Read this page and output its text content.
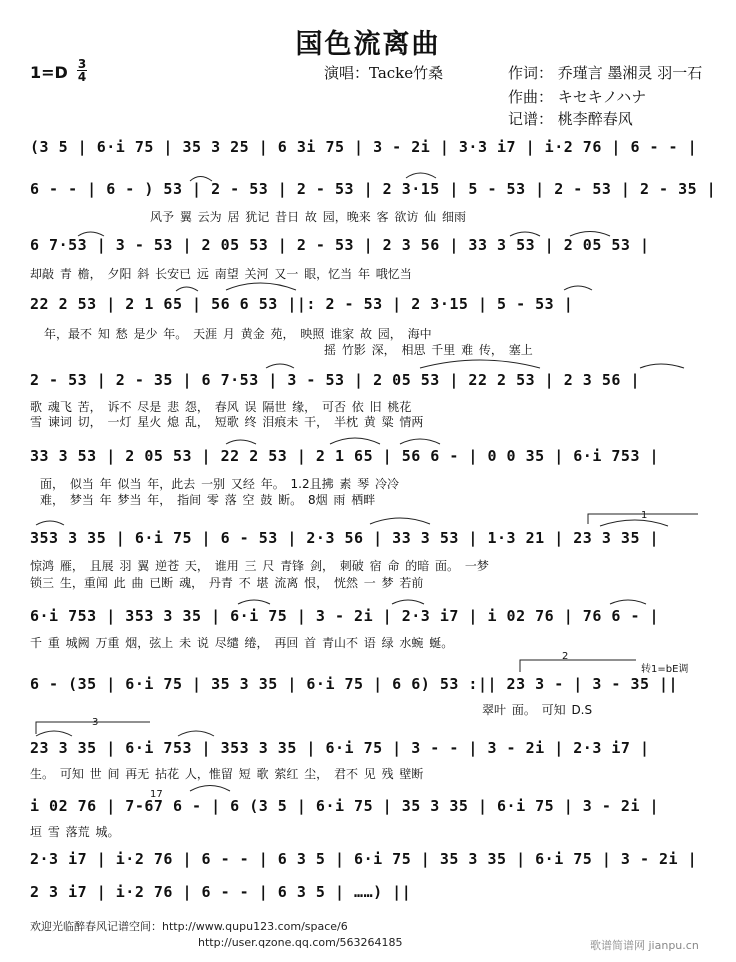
国色流离曲
1=D 3
4	演唱：Tacke竹桑	作词： 乔瑾言 墨湘灵 羽一石
作曲： キセキノハナ
记谱： 桃李醉春风
(3 5 | 6·i 75 | 35 3 25 | 6 3i 75 | 3 - 2i | 3·3 i7 | i·2 76 | 6 - - |
6 - - | 6 - ) 53 | 2 - 53 | 2 - 53 | 2 3·15 | 5 - 53 | 2 - 53 | 2 - 35 |
风予 翼 云为 居 犹记 昔日 故 园，晚来 客 欲访 仙 细雨
6 7·53 | 3 - 53 | 2 05 53 | 2 - 53 | 2 3 56 | 33 3 53 | 2 05 53 |
却敲 青 檐， 夕阳 斜 长安已 远 南望 关河 又一 眼，忆当 年 哦忆当
22 2 53 | 2 1 65 | 56 6 53 ||: 2 - 53 | 2 3·15 | 5 - 53 |
年，最不 知 愁 是少 年。 天涯 月 黄金 苑， 映照 谁家 故 园， 海中
摇 竹影 深， 相思 千里 难 传， 塞上
2 - 53 | 2 - 35 | 6 7·53 | 3 - 53 | 2 05 53 | 22 2 53 | 2 3 56 |
歌 魂飞 苦， 诉不 尽是 悲 怨， 春风 误 隔世 缘， 可否 依 旧 桃花
雪 谏词 切， 一灯 星火 熄 乱， 短歌 终 泪痕未 干， 半枕 黄 粱 情两
33 3 53 | 2 05 53 | 22 2 53 | 2 1 65 | 56 6 - | 0 0 35 | 6·i 753 |
面， 似当 年 似当 年，此去 一别 又经 年。 1.2且拂 素 琴 冷冷
难， 梦当 年 梦当 年， 指间 零 落 空 鼓 断。 8烟 雨 栖畔
353 3 35 | 6·i 75 | 6 - 53 | 2·3 56 | 33 3 53 | 1·3 21 | 23 3 35 |
惊鸿 雁， 且展 羽 翼 逆苍 天， 谁用 三 尺 青锋 剑， 刺破 宿 命 的暗 面。 一梦
锁三 生，重闻 此 曲 已断 魂， 丹青 不 堪 流离 恨， 恍然 一 梦 若前
6·i 753 | 353 3 35 | 6·i 75 | 3 - 2i | 2·3 i7 | i 02 76 | 76 6 - |
千 重 城阙 万重 烟，弦上 未 说 尽缱 绻， 再回 首 青山不 语 绿 水蜿 蜒。
6 - (35 | 6·i 75 | 35 3 35 | 6·i 75 | 6 6) 53 :|| 23 3 - | 3 - 35 ||
翠叶 面。 可知 D.S
转1=bE调
2
23 3 35 | 6·i 753 | 353 3 35 | 6·i 75 | 3 - - | 3 - 2i | 2·3 i7 |
生。 可知 世 间 再无 拈花 人，惟留 短 歌 萦红 尘， 君不 见 残 壁断
3
1
i 02 76 | 7-67 6 - | 6 (3 5 | 6·i 75 | 35 3 35 | 6·i 75 | 3 - 2i |
垣 雪 落荒 城。
17
2·3 i7 | i·2 76 | 6 - - | 6 3 5 | 6·i 75 | 35 3 35 | 6·i 75 | 3 - 2i |
2 3 i7 | i·2 76 | 6 - - | 6 3 5 | ……) ||
欢迎光临醉春风记谱空间：http://www.qupu123.com/space/6
http://user.qzone.qq.com/563264185	歌谱简谱网 jianpu.cn
